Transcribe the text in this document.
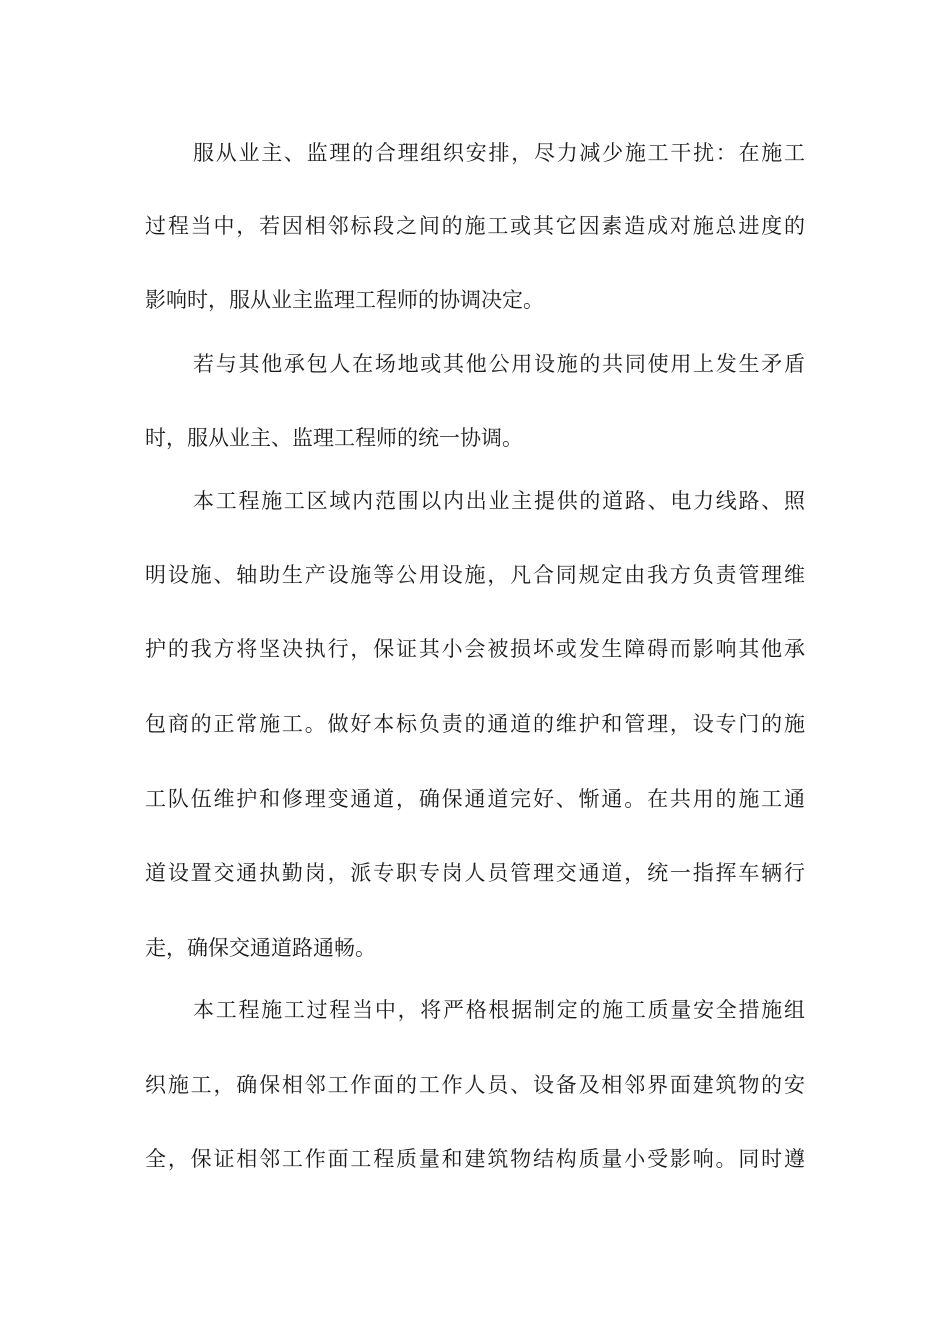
服从业主、监理的合理组织安排，尽力减少施工干扰：在施工
过程当中，若因相邻标段之间的施工或其它因素造成对施总进度的
影响时，服从业主监理工程师的协调决定。
若与其他承包人在场地或其他公用设施的共同使用上发生矛盾
时，服从业主、监理工程师的统一协调。
本工程施工区域内范围以内出业主提供的道路、电力线路、照
明设施、轴助生产设施等公用设施，凡合同规定由我方负责管理维
护的我方将坚决执行，保证其小会被损坏或发生障碍而影响其他承
包商的正常施工。做好本标负责的通道的维护和管理，设专门的施
工队伍维护和修理变通道，确保通道完好、惭通。在共用的施工通
道设置交通执勤岗，派专职专岗人员管理交通道，统一指挥车辆行
走，确保交通道路通畅。
本工程施工过程当中，将严格根据制定的施工质量安全措施组
织施工，确保相邻工作面的工作人员、设备及相邻界面建筑物的安
全，保证相邻工作面工程质量和建筑物结构质量小受影响。同时遵
